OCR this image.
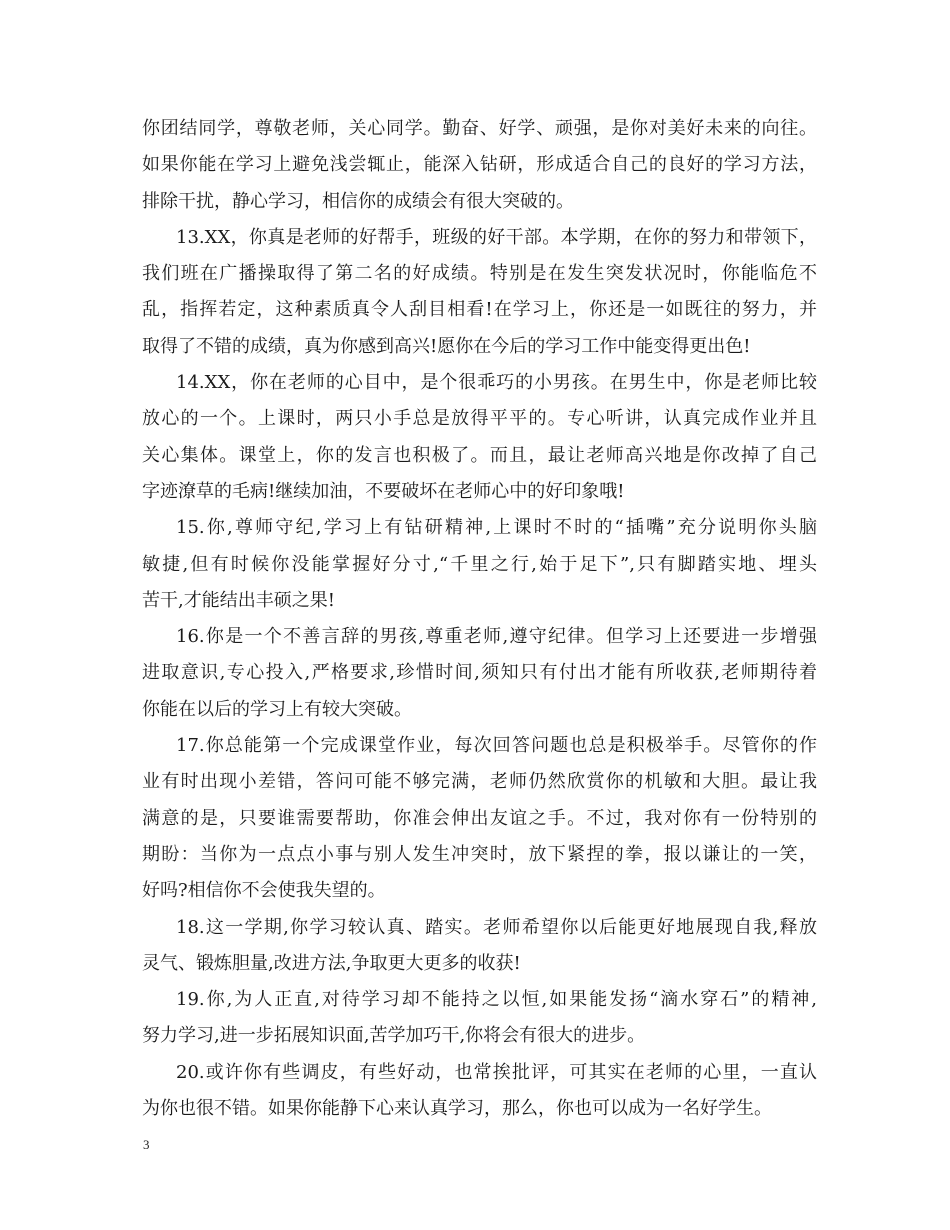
你团结同学，尊敬老师，关心同学。勤奋、好学、顽强，是你对美好未来的向往。
如果你能在学习上避免浅尝辄止，能深入钻研，形成适合自己的良好的学习方法，
排除干扰，静心学习，相信你的成绩会有很大突破的。

13.XX，你真是老师的好帮手，班级的好干部。本学期，在你的努力和带领下，
我们班在广播操取得了第二名的好成绩。特别是在发生突发状况时，你能临危不
乱，指挥若定，这种素质真令人刮目相看!在学习上，你还是一如既往的努力，并
取得了不错的成绩，真为你感到高兴!愿你在今后的学习工作中能变得更出色!

14.XX，你在老师的心目中，是个很乖巧的小男孩。在男生中，你是老师比较
放心的一个。上课时，两只小手总是放得平平的。专心听讲，认真完成作业并且
关心集体。课堂上，你的发言也积极了。而且，最让老师高兴地是你改掉了自己
字迹潦草的毛病!继续加油，不要破坏在老师心中的好印象哦!

15.你,尊师守纪,学习上有钻研精神,上课时不时的“插嘴”充分说明你头脑
敏捷,但有时候你没能掌握好分寸,“千里之行,始于足下”,只有脚踏实地、埋头
苦干,才能结出丰硕之果!

16.你是一个不善言辞的男孩,尊重老师,遵守纪律。但学习上还要进一步增强
进取意识,专心投入,严格要求,珍惜时间,须知只有付出才能有所收获,老师期待着
你能在以后的学习上有较大突破。

17.你总能第一个完成课堂作业，每次回答问题也总是积极举手。尽管你的作
业有时出现小差错，答问可能不够完满，老师仍然欣赏你的机敏和大胆。最让我
满意的是，只要谁需要帮助，你准会伸出友谊之手。不过，我对你有一份特别的
期盼：当你为一点点小事与别人发生冲突时，放下紧捏的拳，报以谦让的一笑，
好吗?相信你不会使我失望的。

18.这一学期,你学习较认真、踏实。老师希望你以后能更好地展现自我,释放
灵气、锻炼胆量,改进方法,争取更大更多的收获!

19.你,为人正直,对待学习却不能持之以恒,如果能发扬“滴水穿石”的精神,
努力学习,进一步拓展知识面,苦学加巧干,你将会有很大的进步。

20.或许你有些调皮，有些好动，也常挨批评，可其实在老师的心里，一直认
为你也很不错。如果你能静下心来认真学习，那么，你也可以成为一名好学生。

3
